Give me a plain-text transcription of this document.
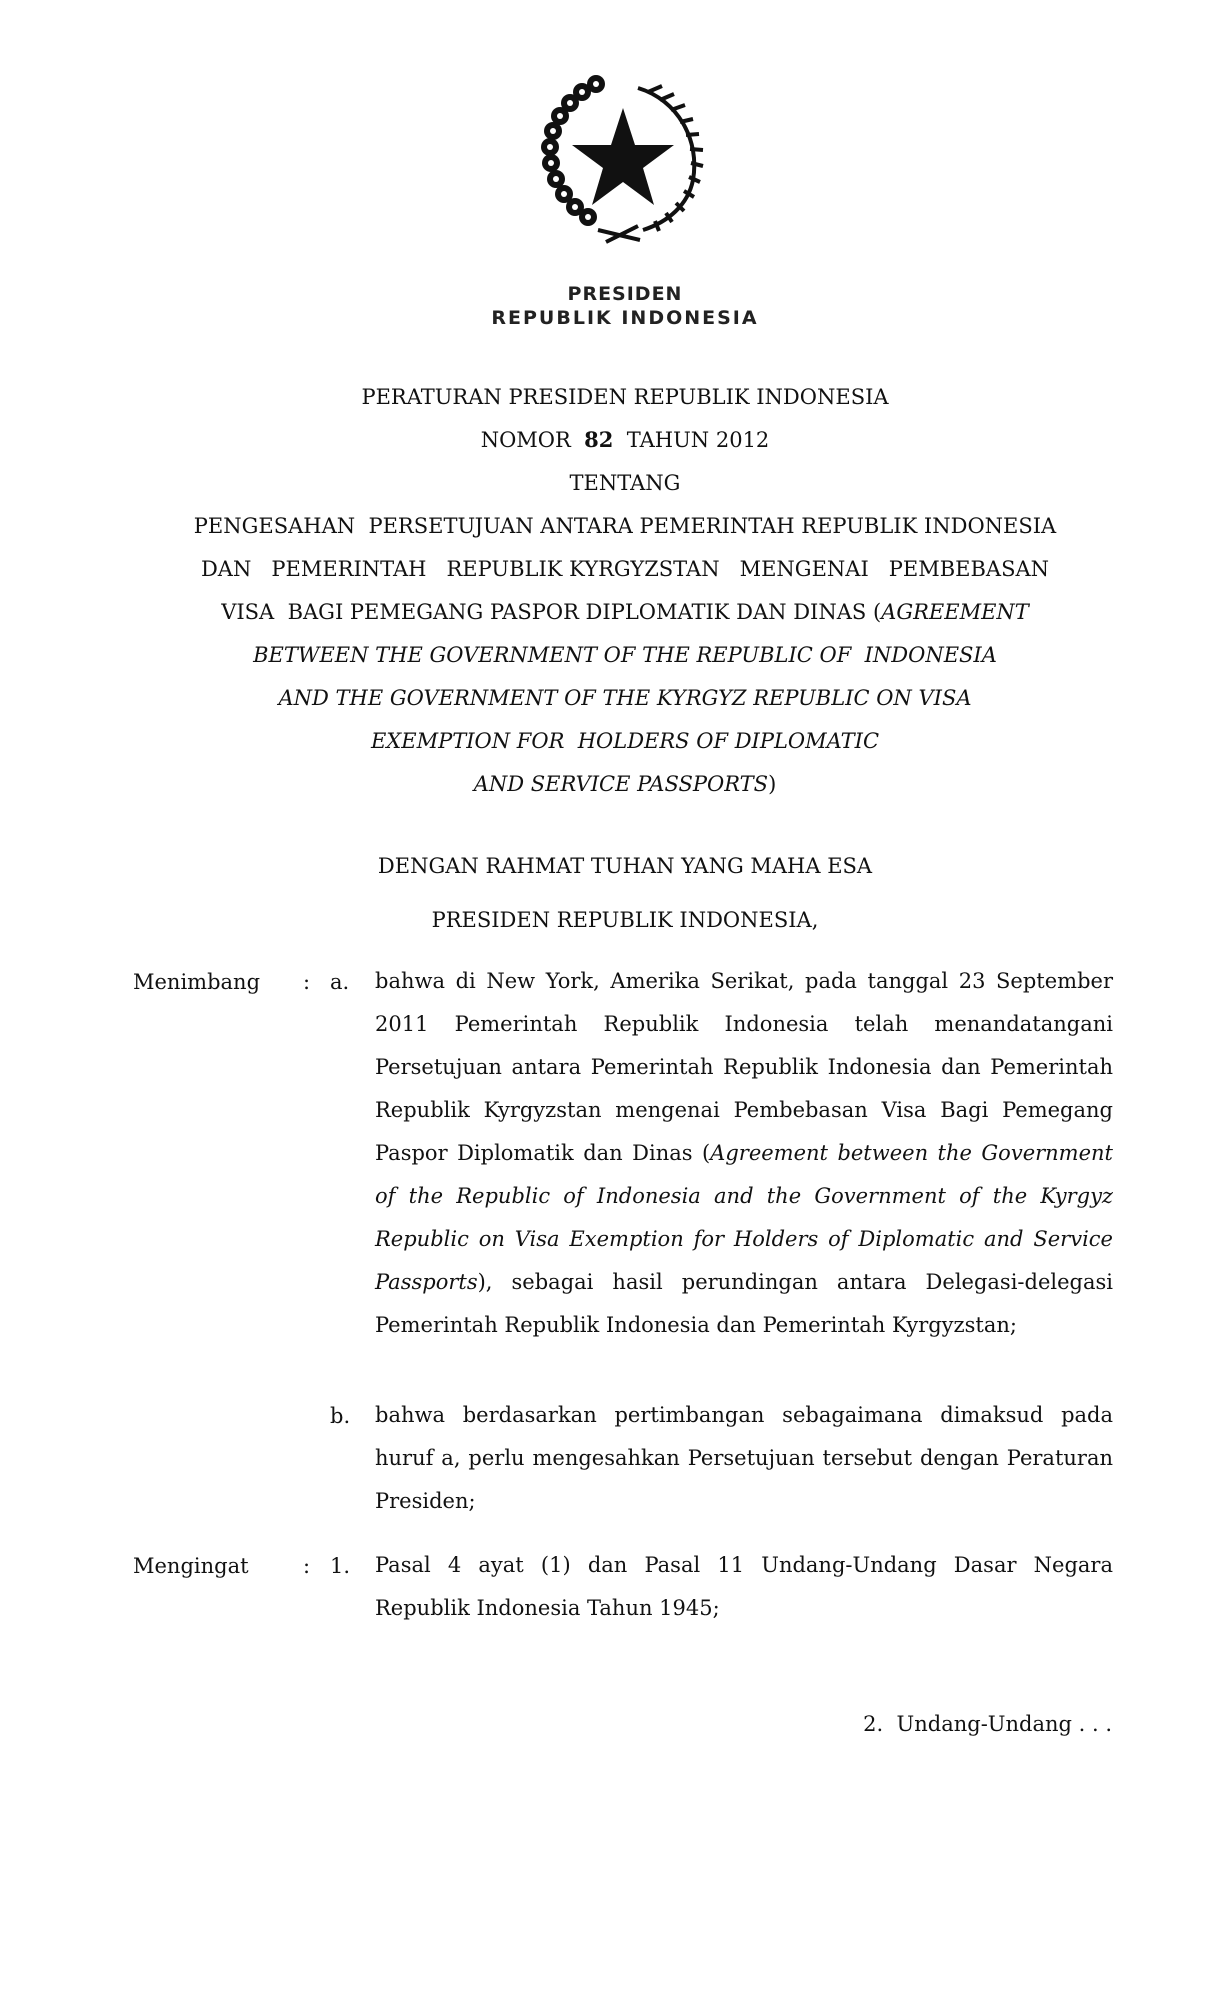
PRESIDEN
REPUBLIK INDONESIA
PERATURAN PRESIDEN REPUBLIK INDONESIA
NOMOR 82 TAHUN 2012
TENTANG
PENGESAHAN  PERSETUJUAN ANTARA PEMERINTAH REPUBLIK INDONESIA
DAN   PEMERINTAH   REPUBLIK KYRGYZSTAN   MENGENAI   PEMBEBASAN
VISA  BAGI PEMEGANG PASPOR DIPLOMATIK DAN DINAS (AGREEMENT
BETWEEN THE GOVERNMENT OF THE REPUBLIC OF  INDONESIA
AND THE GOVERNMENT OF THE KYRGYZ REPUBLIC ON VISA
EXEMPTION FOR  HOLDERS OF DIPLOMATIC
AND SERVICE PASSPORTS)
DENGAN RAHMAT TUHAN YANG MAHA ESA
PRESIDEN REPUBLIK INDONESIA,
Menimbang : a. bahwa di New York, Amerika Serikat, pada tanggal 23 September 2011 Pemerintah Republik Indonesia telah menandatangani Persetujuan antara Pemerintah Republik Indonesia dan Pemerintah Republik Kyrgyzstan mengenai Pembebasan Visa Bagi Pemegang Paspor Diplomatik dan Dinas (Agreement between the Government of the Republic of Indonesia and the Government of the Kyrgyz Republic on Visa Exemption for Holders of Diplomatic and Service Passports), sebagai hasil perundingan antara Delegasi-delegasi Pemerintah Republik Indonesia dan Pemerintah Kyrgyzstan;
b. bahwa berdasarkan pertimbangan sebagaimana dimaksud pada huruf a, perlu mengesahkan Persetujuan tersebut dengan Peraturan Presiden;
Mengingat	: 1. Pasal 4 ayat (1) dan Pasal 11 Undang-Undang Dasar Negara Republik Indonesia Tahun 1945;
2.  Undang-Undang . . .
